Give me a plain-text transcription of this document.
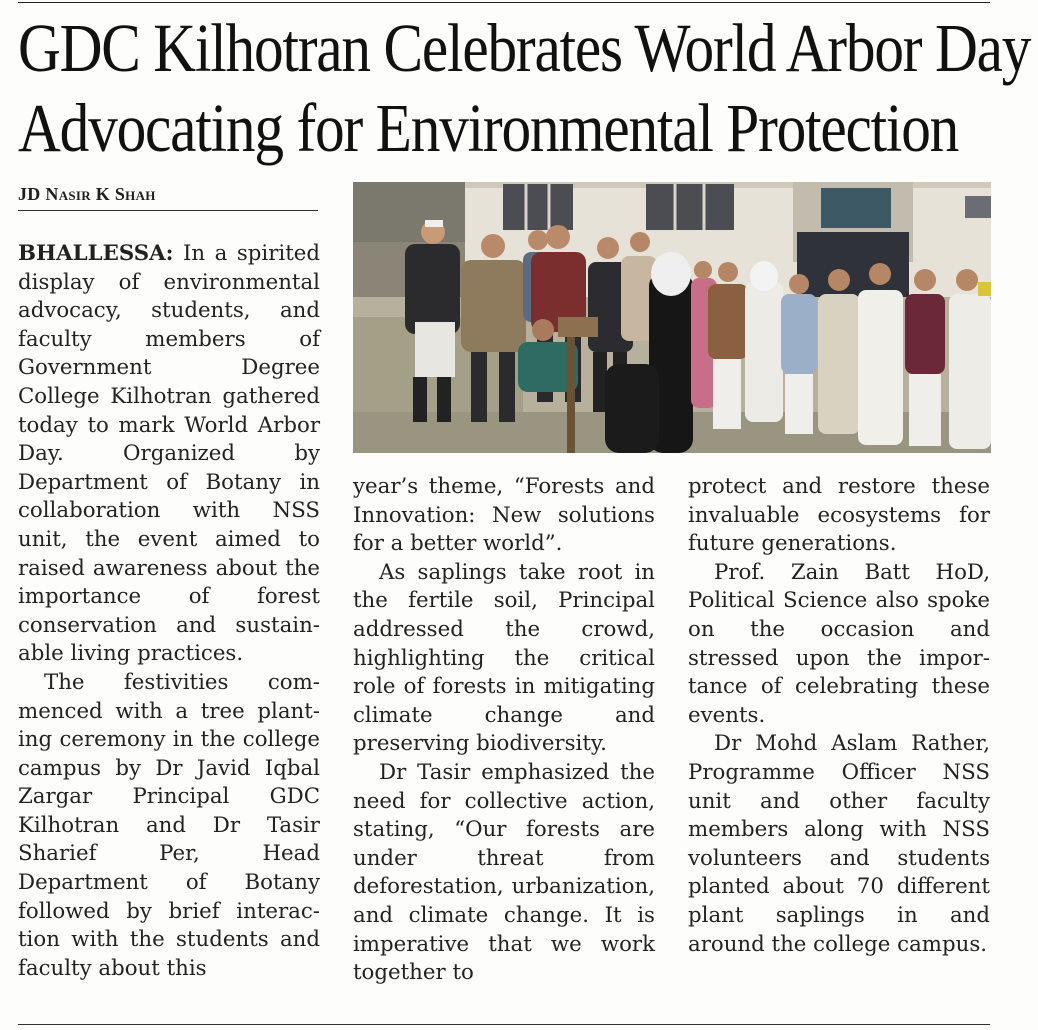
GDC Kilhotran Celebrates World Arbor Day
Advocating for Environmental Protection
JD Nasir K Shah

BHALLESSA: In a spirited display of environmental advocacy, students, and faculty members of Government Degree College Kilhotran gathered today to mark World Arbor Day. Organized by Department of Botany in collaboration with NSS unit, the event aimed to raised awareness about the importance of forest conservation and sustainable living practices.

The festivities commenced with a tree planting ceremony in the college campus by Dr Javid Iqbal Zargar Principal GDC Kilhotran and Dr Tasir Sharief Per, Head Department of Botany followed by brief interaction with the students and faculty about this

year’s theme, “Forests and Innovation: New solutions for a better world”.

As saplings take root in the fertile soil, Principal addressed the crowd, highlighting the critical role of forests in mitigating climate change and preserving biodiversity.

Dr Tasir emphasized the need for collective action, stating, “Our forests are under threat from deforestation, urbanization, and climate change. It is imperative that we work together to

protect and restore these invaluable ecosystems for future generations.

Prof. Zain Batt HoD, Political Science also spoke on the occasion and stressed upon the importance of celebrating these events.

Dr Mohd Aslam Rather, Programme Officer NSS unit and other faculty members along with NSS volunteers and students planted about 70 different plant saplings in and around the college campus.
